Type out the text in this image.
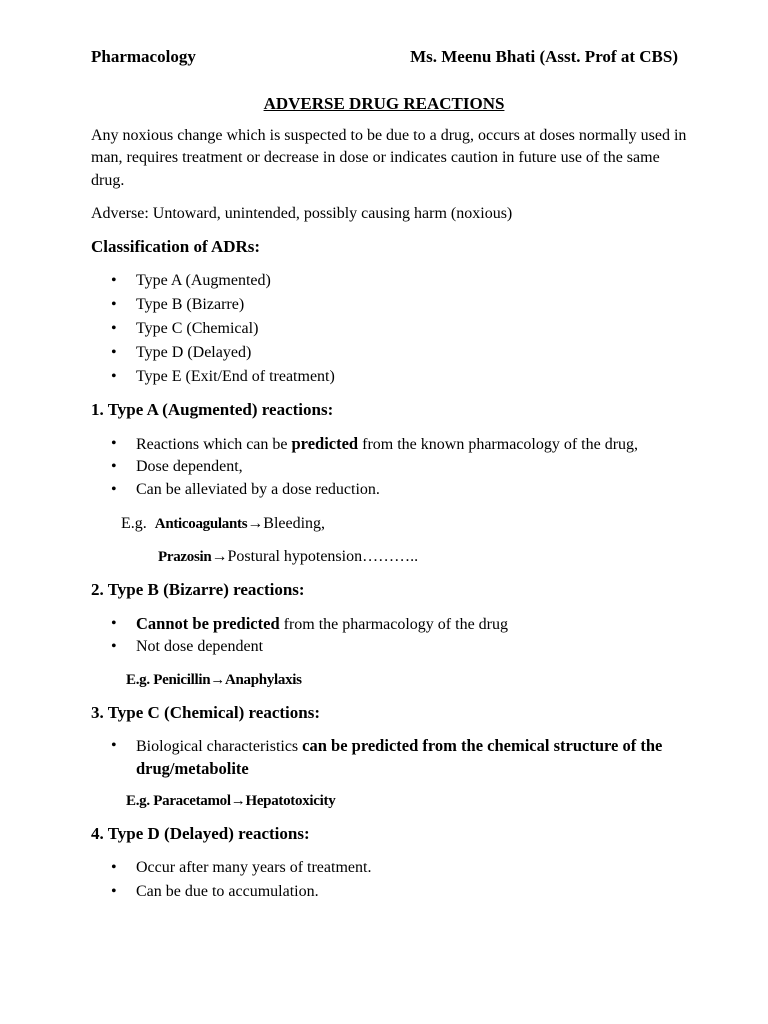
Pharmacology	Ms. Meenu Bhati (Asst. Prof at CBS)
ADVERSE DRUG REACTIONS
Any noxious change which is suspected to be due to a drug, occurs at doses normally used in man, requires treatment or decrease in dose or indicates caution in future use of the same drug.
Adverse: Untoward, unintended, possibly causing harm (noxious)
Classification of ADRs:
Type A (Augmented)
Type B (Bizarre)
Type C (Chemical)
Type D (Delayed)
Type E (Exit/End of treatment)
1. Type A (Augmented) reactions:
Reactions which can be predicted from the known pharmacology of the drug,
Dose dependent,
Can be alleviated by a dose reduction.
E.g. Anticoagulants→Bleeding,
Prazosin→Postural hypotension………..
2. Type B (Bizarre) reactions:
Cannot be predicted from the pharmacology of the drug
Not dose dependent
E.g. Penicillin→Anaphylaxis
3. Type C (Chemical) reactions:
• Biological characteristics can be predicted from the chemical structure of the drug/metabolite
E.g. Paracetamol→Hepatotoxicity
4. Type D (Delayed) reactions:
Occur after many years of treatment.
Can be due to accumulation.
